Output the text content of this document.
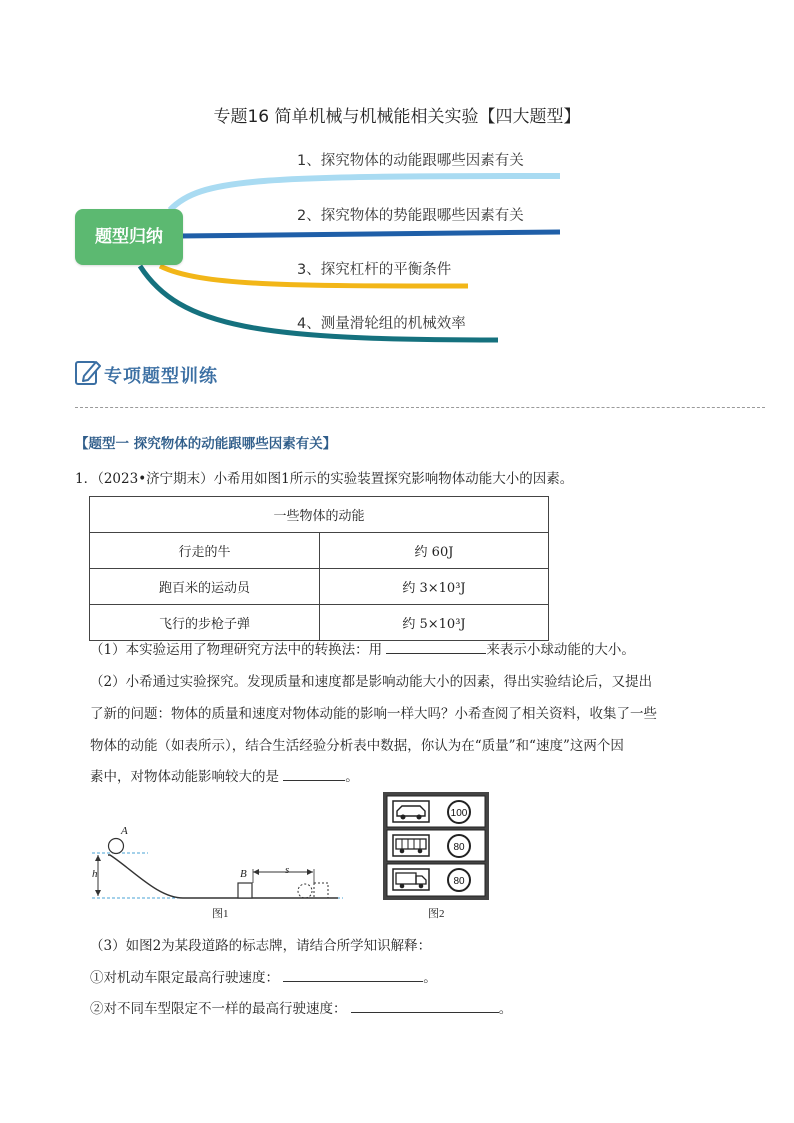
专题16 简单机械与机械能相关实验【四大题型】
题型归纳
1、探究物体的动能跟哪些因素有关
2、探究物体的势能跟哪些因素有关
3、探究杠杆的平衡条件
4、测量滑轮组的机械效率
专项题型训练
【题型一 探究物体的动能跟哪些因素有关】
1．（2023•济宁期末）小希用如图1所示的实验装置探究影响物体动能大小的因素。
一些物体的动能	
行走的牛	约 60J
跑百米的运动员	约 3×10³J
飞行的步枪子弹	约 5×10³J
（1）本实验运用了物理研究方法中的转换法：用	来表示小球动能的大小。
（2）小希通过实验探究。发现质量和速度都是影响动能大小的因素，得出实验结论后，又提出
了新的问题：物体的质量和速度对物体动能的影响一样大吗？小希查阅了相关资料，收集了一些
物体的动能（如表所示），结合生活经验分析表中数据，你认为在“质量”和“速度”这两个因
素中，对物体动能影响较大的是	。
A
h	B	s
图1
100
80
80
图2
（3）如图2为某段道路的标志牌，请结合所学知识解释：
①对机动车限定最高行驶速度：	。
②对不同车型限定不一样的最高行驶速度：	。
